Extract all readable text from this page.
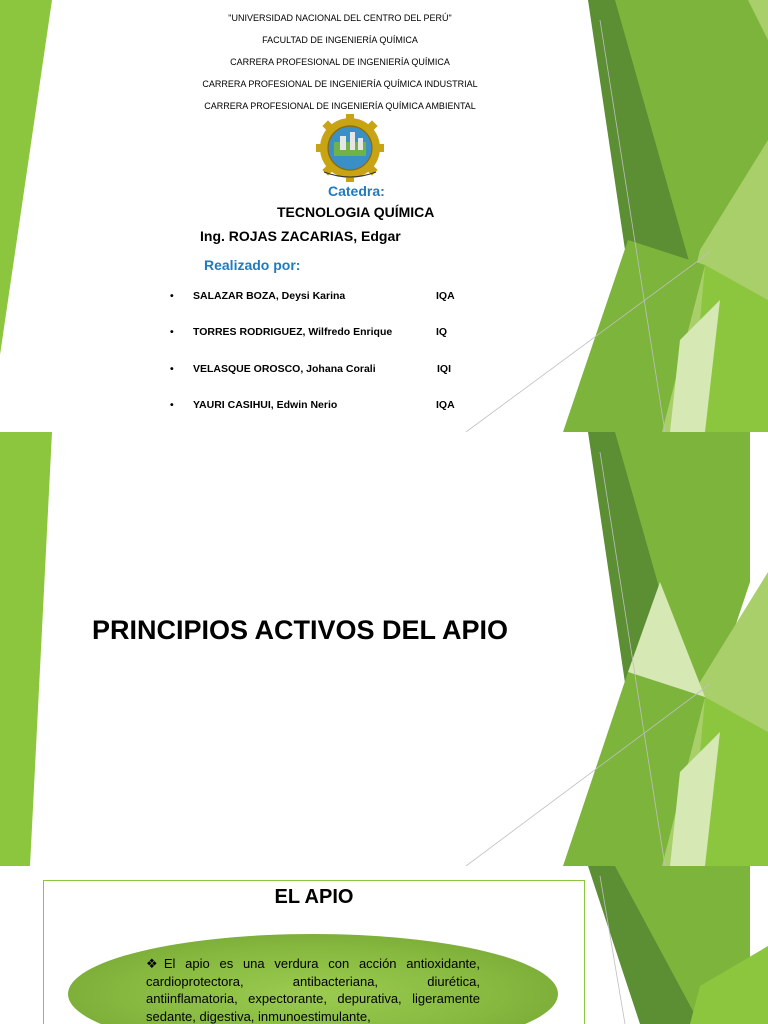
"UNIVERSIDAD NACIONAL DEL CENTRO DEL PERÚ"
FACULTAD DE INGENIERÍA QUÍMICA
CARRERA PROFESIONAL DE INGENIERÍA QUÍMICA
CARRERA PROFESIONAL DE INGENIERÍA QUÍMICA INDUSTRIAL
CARRERA PROFESIONAL DE INGENIERÍA QUÍMICA AMBIENTAL
Catedra:
TECNOLOGIA QUÍMICA
Ing. ROJAS ZACARIAS, Edgar
Realizado por:
• SALAZAR BOZA, Deysi Karina	IQA
• TORRES RODRIGUEZ, Wilfredo Enrique	IQ
• VELASQUE OROSCO, Johana Corali	IQI
• YAURI CASIHUI, Edwin Nerio	IQA
PRINCIPIOS ACTIVOS DEL APIO
EL APIO
❖El apio es una verdura con acción antioxidante, cardioprotectora, antibacteriana, diurética, antiinflamatoria, expectorante, depurativa, ligeramente sedante, digestiva, inmunoestimulante,
